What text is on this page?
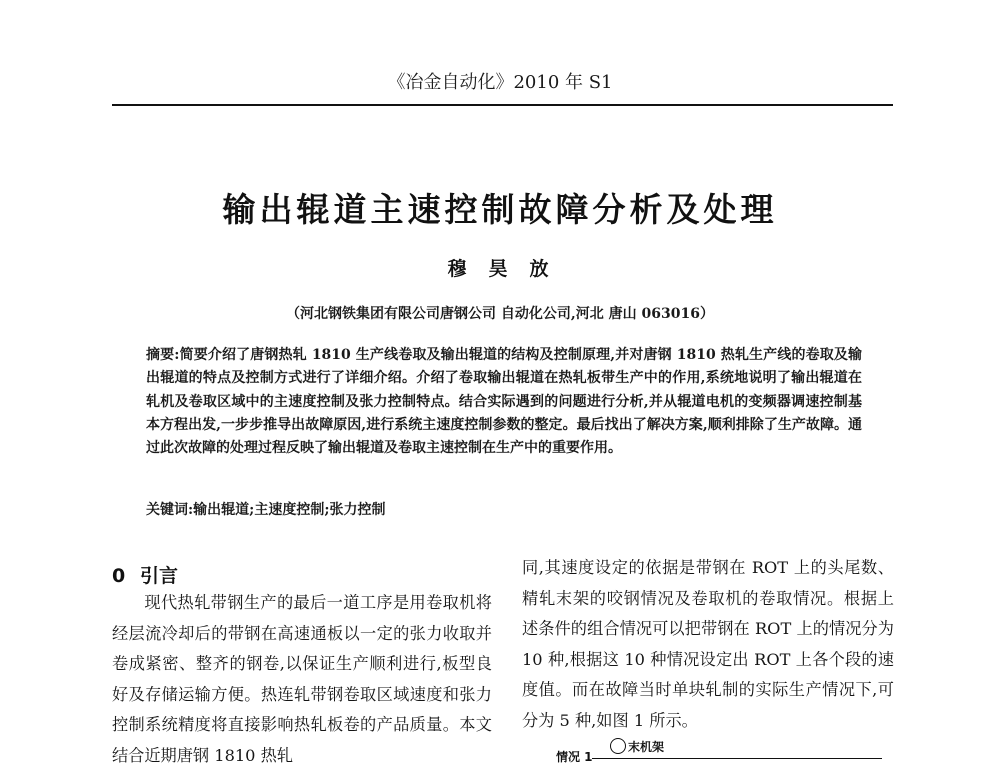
《冶金自动化》2010 年 S1
输出辊道主速控制故障分析及处理
穆昊放
（河北钢铁集团有限公司唐钢公司 自动化公司,河北 唐山 063016）
摘要:简要介绍了唐钢热轧 1810 生产线卷取及输出辊道的结构及控制原理,并对唐钢 1810 热轧生产线的卷取及输出辊道的特点及控制方式进行了详细介绍。介绍了卷取输出辊道在热轧板带生产中的作用,系统地说明了输出辊道在轧机及卷取区域中的主速度控制及张力控制特点。结合实际遇到的问题进行分析,并从辊道电机的变频器调速控制基本方程出发,一步步推导出故障原因,进行系统主速度控制参数的整定。最后找出了解决方案,顺利排除了生产故障。通过此次故障的处理过程反映了输出辊道及卷取主速控制在生产中的重要作用。
关键词:输出辊道;主速度控制;张力控制
0 引言
现代热轧带钢生产的最后一道工序是用卷取机将经层流冷却后的带钢在高速通板以一定的张力收取并卷成紧密、整齐的钢卷,以保证生产顺利进行,板型良好及存储运输方便。热连轧带钢卷取区域速度和张力控制系统精度将直接影响热轧板卷的产品质量。本文结合近期唐钢 1810 热轧
同,其速度设定的依据是带钢在 ROT 上的头尾数、精轧末架的咬钢情况及卷取机的卷取情况。根据上述条件的组合情况可以把带钢在 ROT 上的情况分为 10 种,根据这 10 种情况设定出 ROT 上各个段的速度值。而在故障当时单块轧制的实际生产情况下,可分为 5 种,如图 1 所示。
情况 1
末机架
